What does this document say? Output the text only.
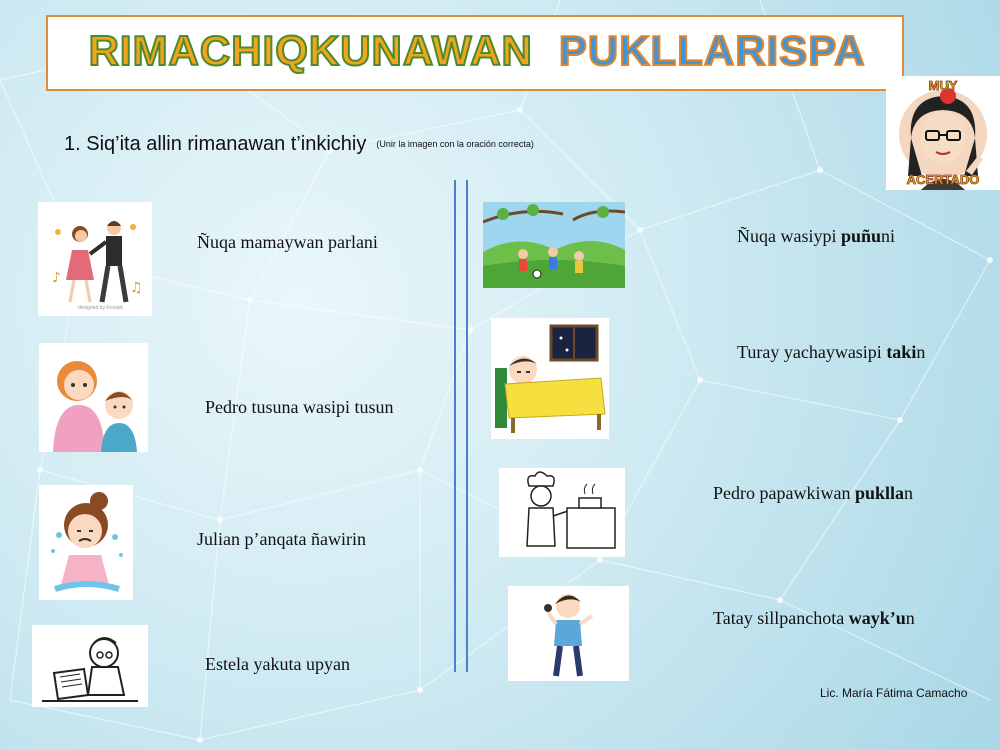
RIMACHIQKUNAWAN PUKLLARISPA
MUY
ACERTADO
1. Siq’ita allin rimanawan t’inkichiy (Unir la imagen con la oración correcta)
♪
♫
designed by Freepik
Ñuqa mamaywan parlani
Pedro tusuna wasipi tusun
Julian p’anqata ñawirin
Estela yakuta upyan
Ñuqa wasiypi puñuni
Turay yachaywasipi takin
Pedro papawkiwan pukllan
Tatay sillpanchota wayk’un
Lic. María Fátima Camacho
